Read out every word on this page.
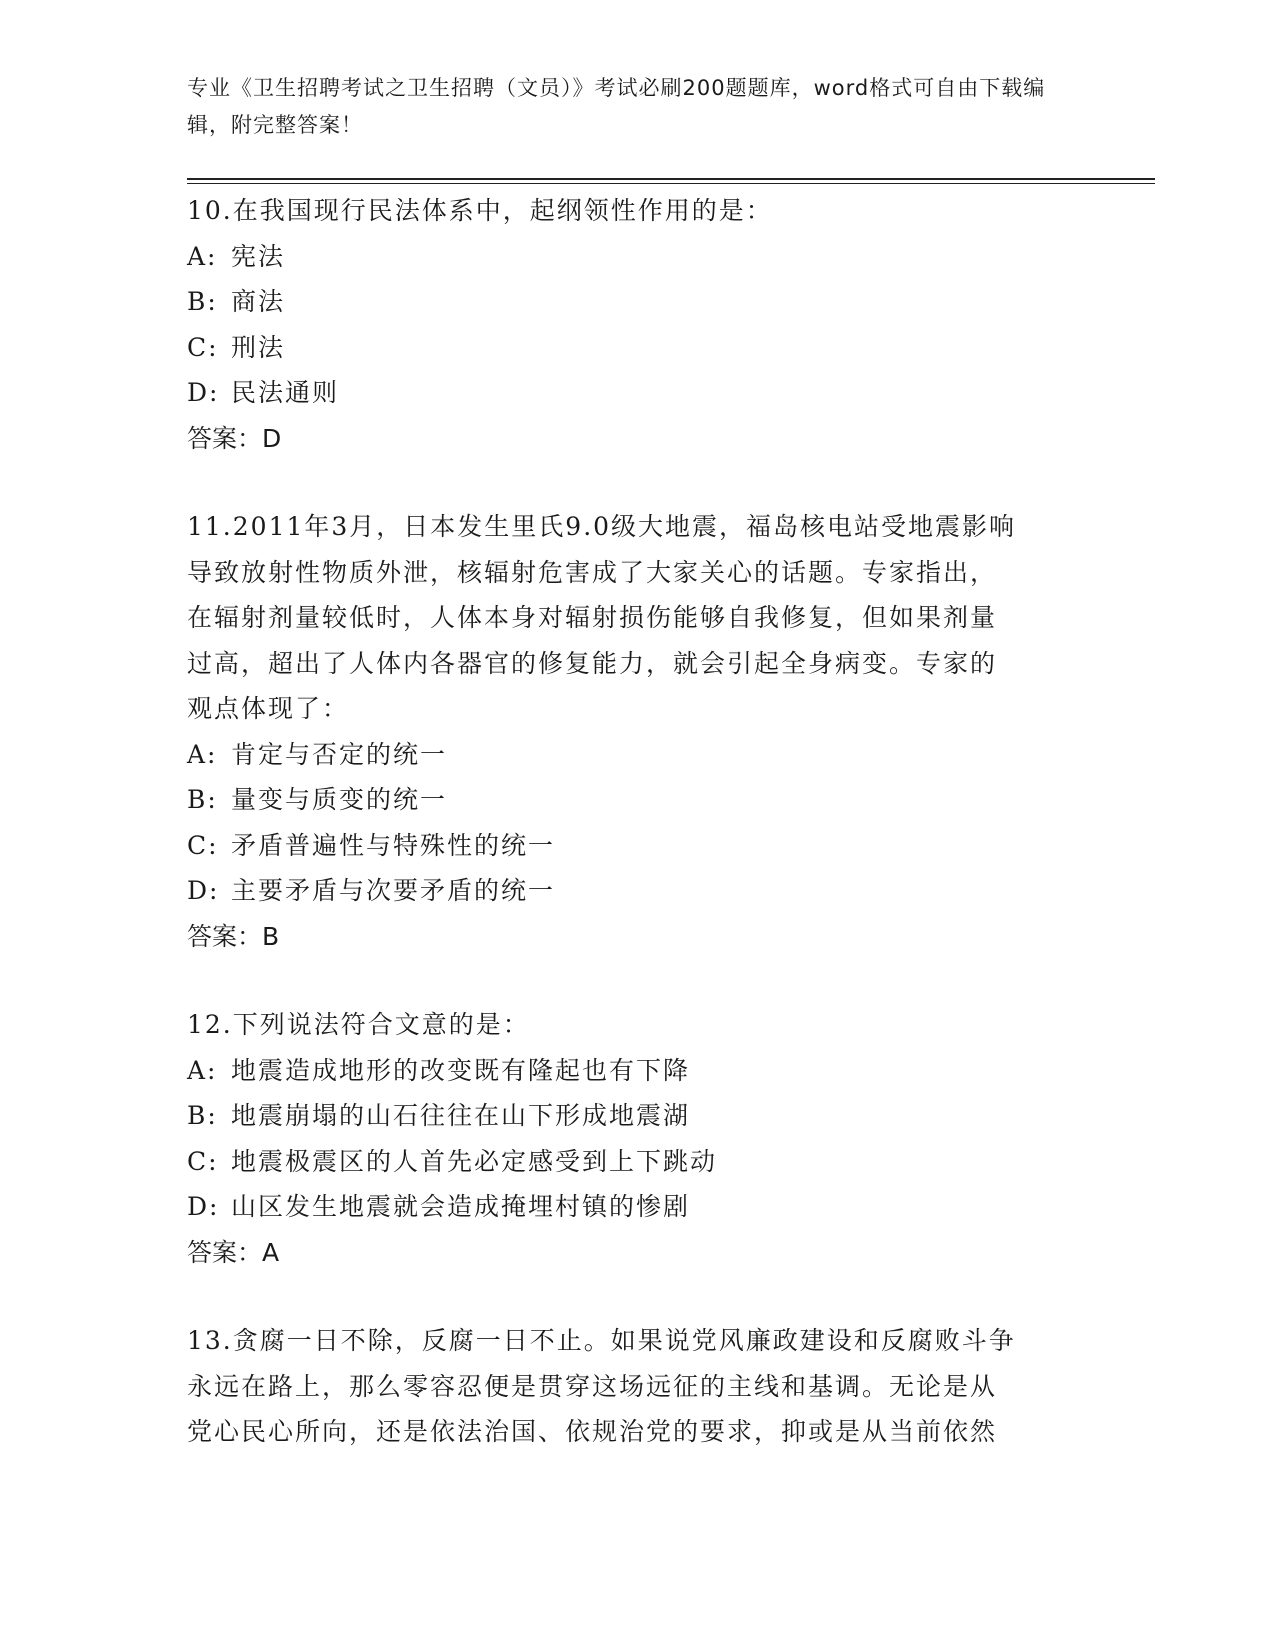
专业《卫生招聘考试之卫生招聘（文员）》考试必刷200题题库，word格式可自由下载编辑，附完整答案！

10.在我国现行民法体系中，起纲领性作用的是：

A: 宪法

B: 商法

C: 刑法

D: 民法通则

答案：D

11.2011年3月，日本发生里氏9.0级大地震，福岛核电站受地震影响

导致放射性物质外泄，核辐射危害成了大家关心的话题。专家指出，

在辐射剂量较低时，人体本身对辐射损伤能够自我修复，但如果剂量

过高，超出了人体内各器官的修复能力，就会引起全身病变。专家的

观点体现了：

A: 肯定与否定的统一

B: 量变与质变的统一

C: 矛盾普遍性与特殊性的统一

D: 主要矛盾与次要矛盾的统一

答案：B

12.下列说法符合文意的是：

A: 地震造成地形的改变既有隆起也有下降

B: 地震崩塌的山石往往在山下形成地震湖

C: 地震极震区的人首先必定感受到上下跳动

D: 山区发生地震就会造成掩埋村镇的惨剧

答案：A

13.贪腐一日不除，反腐一日不止。如果说党风廉政建设和反腐败斗争

永远在路上，那么零容忍便是贯穿这场远征的主线和基调。无论是从

党心民心所向，还是依法治国、依规治党的要求，抑或是从当前依然
